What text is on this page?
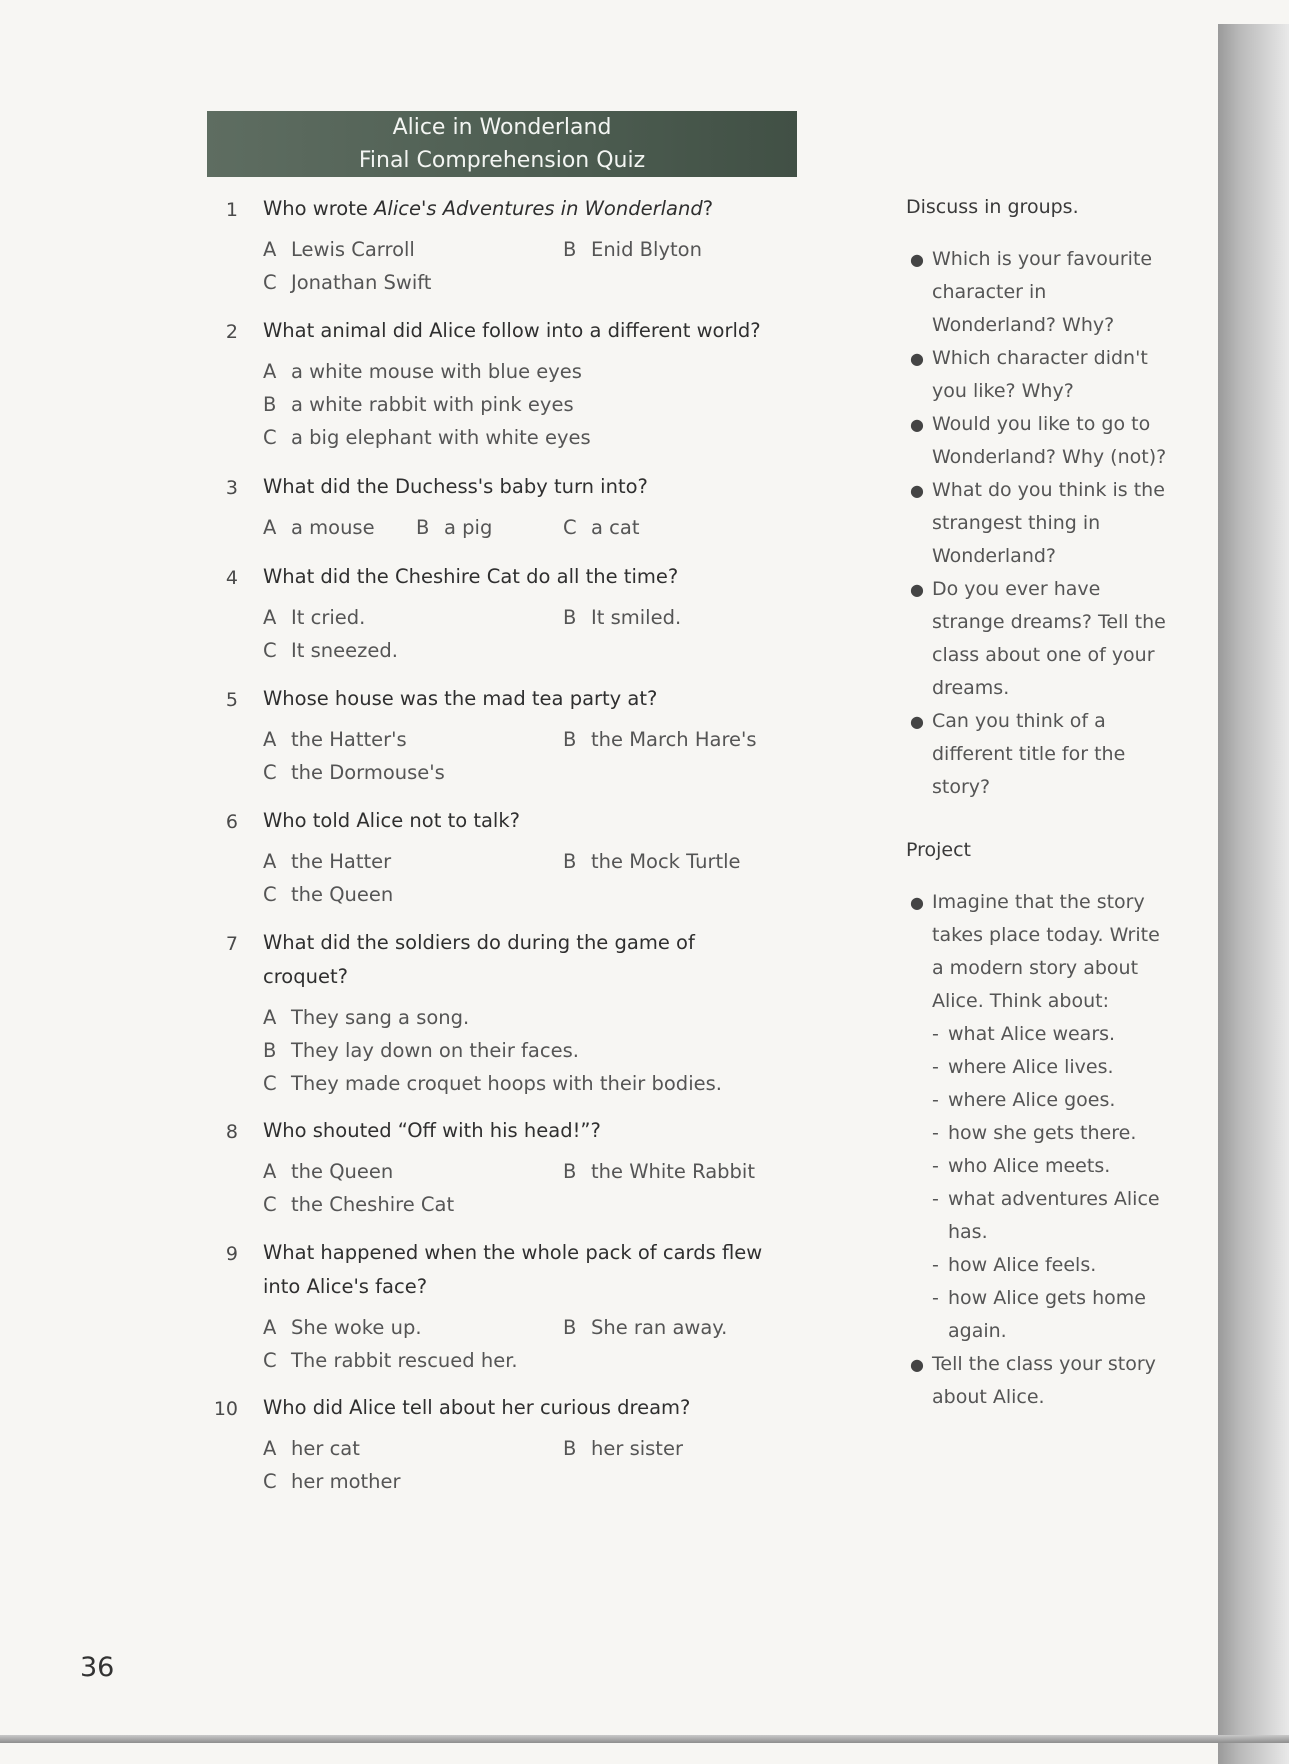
Alice in Wonderland
Final Comprehension Quiz
1 Who wrote Alice's Adventures in Wonderland?
A Lewis Carroll	B Enid Blyton
C Jonathan Swift
2 What animal did Alice follow into a different world?
A a white mouse with blue eyes
B a white rabbit with pink eyes
C a big elephant with white eyes
3 What did the Duchess's baby turn into?
A a mouse B a pig	C a cat
4 What did the Cheshire Cat do all the time?
A It cried.	B It smiled.
C It sneezed.
5 Whose house was the mad tea party at?
A the Hatter's	B the March Hare's
C the Dormouse's
6 Who told Alice not to talk?
A the Hatter	B the Mock Turtle
C the Queen
7 What did the soldiers do during the game of croquet?
A They sang a song.
B They lay down on their faces.
C They made croquet hoops with their bodies.
8 Who shouted “Off with his head!”?
A the Queen	B the White Rabbit
C the Cheshire Cat
9 What happened when the whole pack of cards flew into Alice's face?
A She woke up.	B She ran away.
C The rabbit rescued her.
10 Who did Alice tell about her curious dream?
A her cat	B her sister
C her mother
Discuss in groups.
● Which is your favourite character in Wonderland? Why?
● Which character didn't you like? Why?
● Would you like to go to Wonderland? Why (not)?
● What do you think is the strangest thing in Wonderland?
● Do you ever have strange dreams? Tell the class about one of your dreams.
● Can you think of a different title for the story?
Project
● Imagine that the story takes place today. Write a modern story about Alice. Think about:
- what Alice wears.
- where Alice lives.
- where Alice goes.
- how she gets there.
- who Alice meets.
- what adventures Alice has.
- how Alice feels.
- how Alice gets home again.
● Tell the class your story about Alice.
36
